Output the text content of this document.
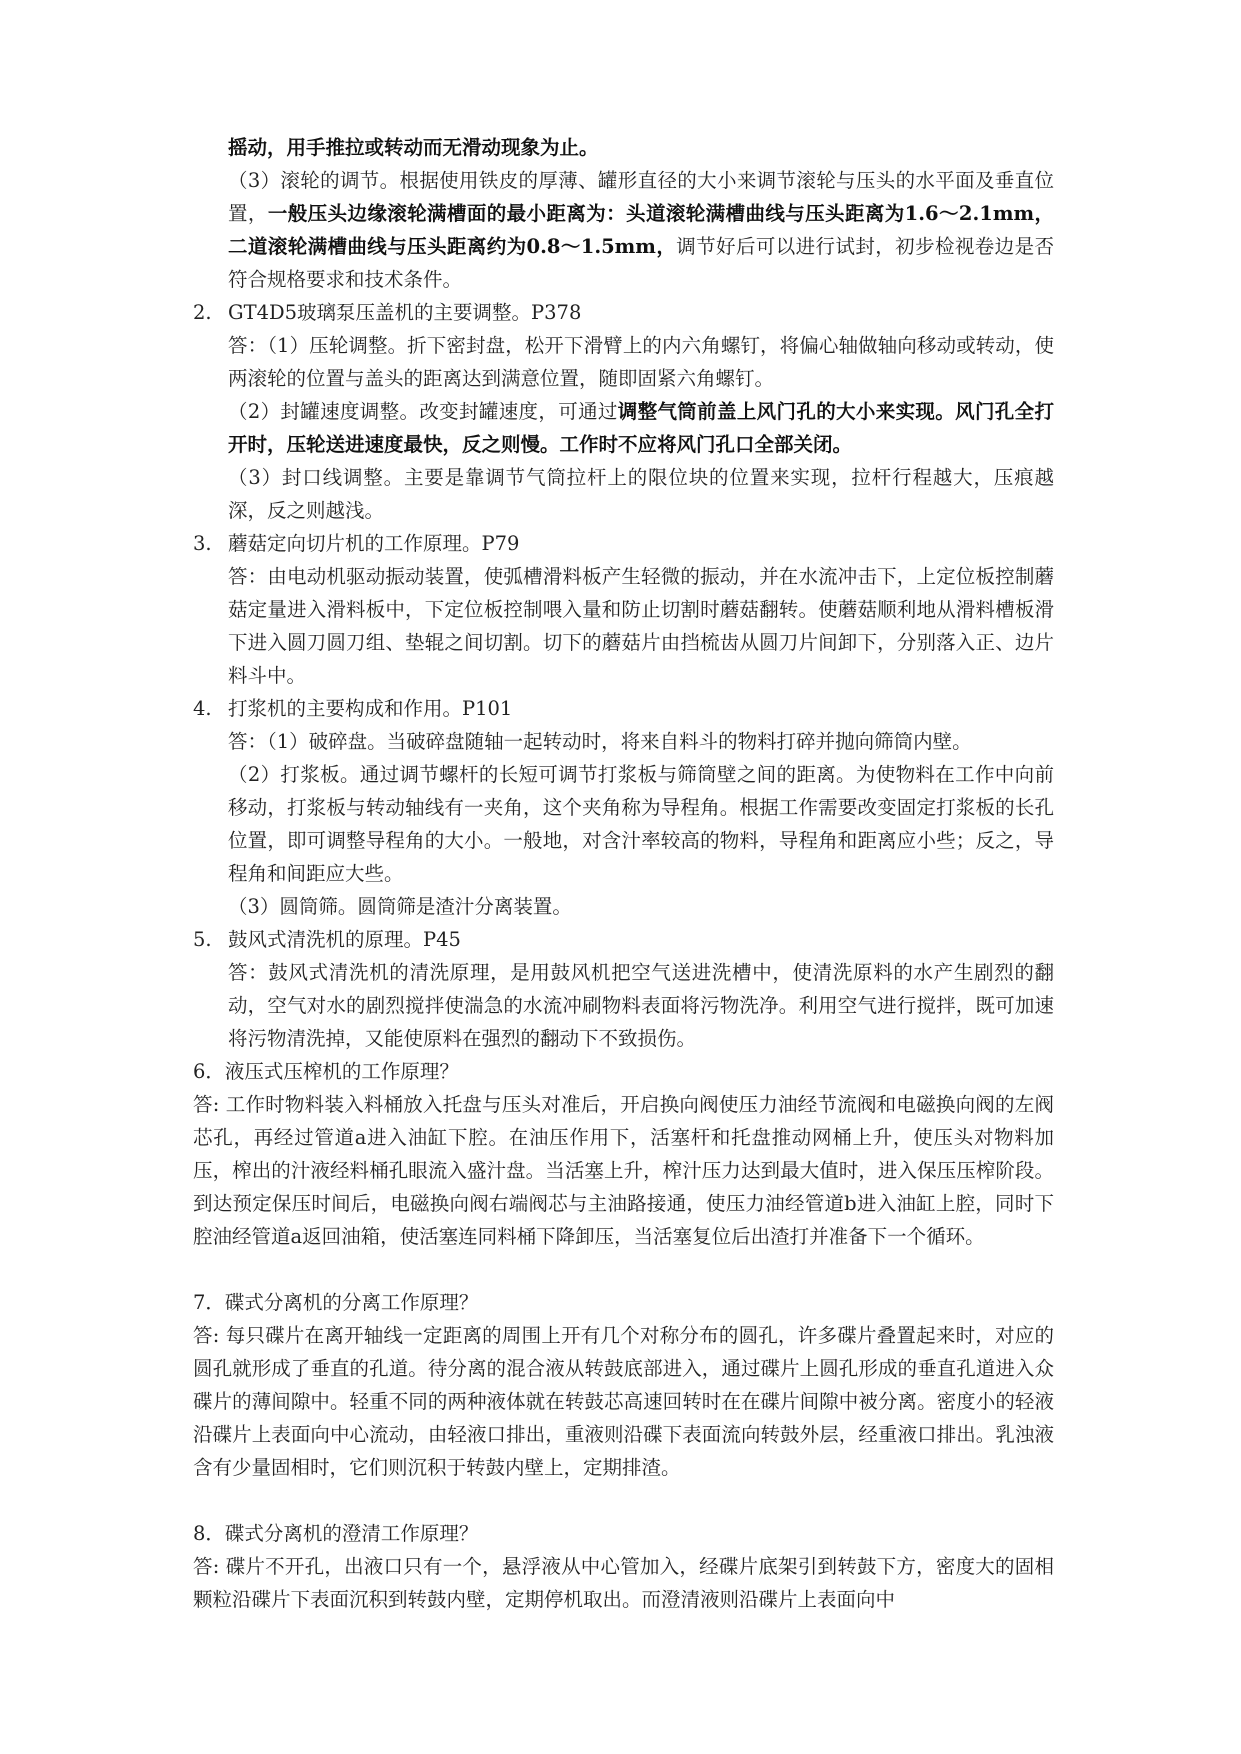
摇动，用手推拉或转动而无滑动现象为止。

（3）滚轮的调节。根据使用铁皮的厚薄、罐形直径的大小来调节滚轮与压头的水平面及垂直位置，一般压头边缘滚轮满槽面的最小距离为：头道滚轮满槽曲线与压头距离为1.6～2.1mm，二道滚轮满槽曲线与压头距离约为0.8～1.5mm，调节好后可以进行试封，初步检视卷边是否符合规格要求和技术条件。

2. GT4D5玻璃泵压盖机的主要调整。P378

答：（1）压轮调整。折下密封盘，松开下滑臂上的内六角螺钉，将偏心轴做轴向移动或转动，使两滚轮的位置与盖头的距离达到满意位置，随即固紧六角螺钉。

（2）封罐速度调整。改变封罐速度，可通过调整气筒前盖上风门孔的大小来实现。风门孔全打开时，压轮送进速度最快，反之则慢。工作时不应将风门孔口全部关闭。

（3）封口线调整。主要是靠调节气筒拉杆上的限位块的位置来实现，拉杆行程越大，压痕越深，反之则越浅。

3. 蘑菇定向切片机的工作原理。P79

答：由电动机驱动振动装置，使弧槽滑料板产生轻微的振动，并在水流冲击下，上定位板控制蘑菇定量进入滑料板中，下定位板控制喂入量和防止切割时蘑菇翻转。使蘑菇顺利地从滑料槽板滑下进入圆刀圆刀组、垫辊之间切割。切下的蘑菇片由挡梳齿从圆刀片间卸下，分别落入正、边片料斗中。

4. 打浆机的主要构成和作用。P101

答：（1）破碎盘。当破碎盘随轴一起转动时，将来自料斗的物料打碎并抛向筛筒内壁。

（2）打浆板。通过调节螺杆的长短可调节打浆板与筛筒壁之间的距离。为使物料在工作中向前移动，打浆板与转动轴线有一夹角，这个夹角称为导程角。根据工作需要改变固定打浆板的长孔位置，即可调整导程角的大小。一般地，对含汁率较高的物料，导程角和距离应小些；反之，导程角和间距应大些。

（3）圆筒筛。圆筒筛是渣汁分离装置。

5. 鼓风式清洗机的原理。P45

答：鼓风式清洗机的清洗原理，是用鼓风机把空气送进洗槽中，使清洗原料的水产生剧烈的翻动，空气对水的剧烈搅拌使湍急的水流冲刷物料表面将污物洗净。利用空气进行搅拌，既可加速将污物清洗掉，又能使原料在强烈的翻动下不致损伤。

6．液压式压榨机的工作原理？

答: 工作时物料装入料桶放入托盘与压头对准后，开启换向阀使压力油经节流阀和电磁换向阀的左阀芯孔，再经过管道a进入油缸下腔。在油压作用下，活塞杆和托盘推动网桶上升，使压头对物料加压，榨出的汁液经料桶孔眼流入盛汁盘。当活塞上升，榨汁压力达到最大值时，进入保压压榨阶段。到达预定保压时间后，电磁换向阀右端阀芯与主油路接通，使压力油经管道b进入油缸上腔，同时下腔油经管道a返回油箱，使活塞连同料桶下降卸压，当活塞复位后出渣打并准备下一个循环。

7．碟式分离机的分离工作原理？

答: 每只碟片在离开轴线一定距离的周围上开有几个对称分布的圆孔，许多碟片叠置起来时，对应的圆孔就形成了垂直的孔道。待分离的混合液从转鼓底部进入，通过碟片上圆孔形成的垂直孔道进入众碟片的薄间隙中。轻重不同的两种液体就在转鼓芯高速回转时在在碟片间隙中被分离。密度小的轻液沿碟片上表面向中心流动，由轻液口排出，重液则沿碟下表面流向转鼓外层，经重液口排出。乳浊液含有少量固相时，它们则沉积于转鼓内壁上，定期排渣。

8．碟式分离机的澄清工作原理？

答: 碟片不开孔，出液口只有一个，悬浮液从中心管加入，经碟片底架引到转鼓下方，密度大的固相颗粒沿碟片下表面沉积到转鼓内壁，定期停机取出。而澄清液则沿碟片上表面向中
